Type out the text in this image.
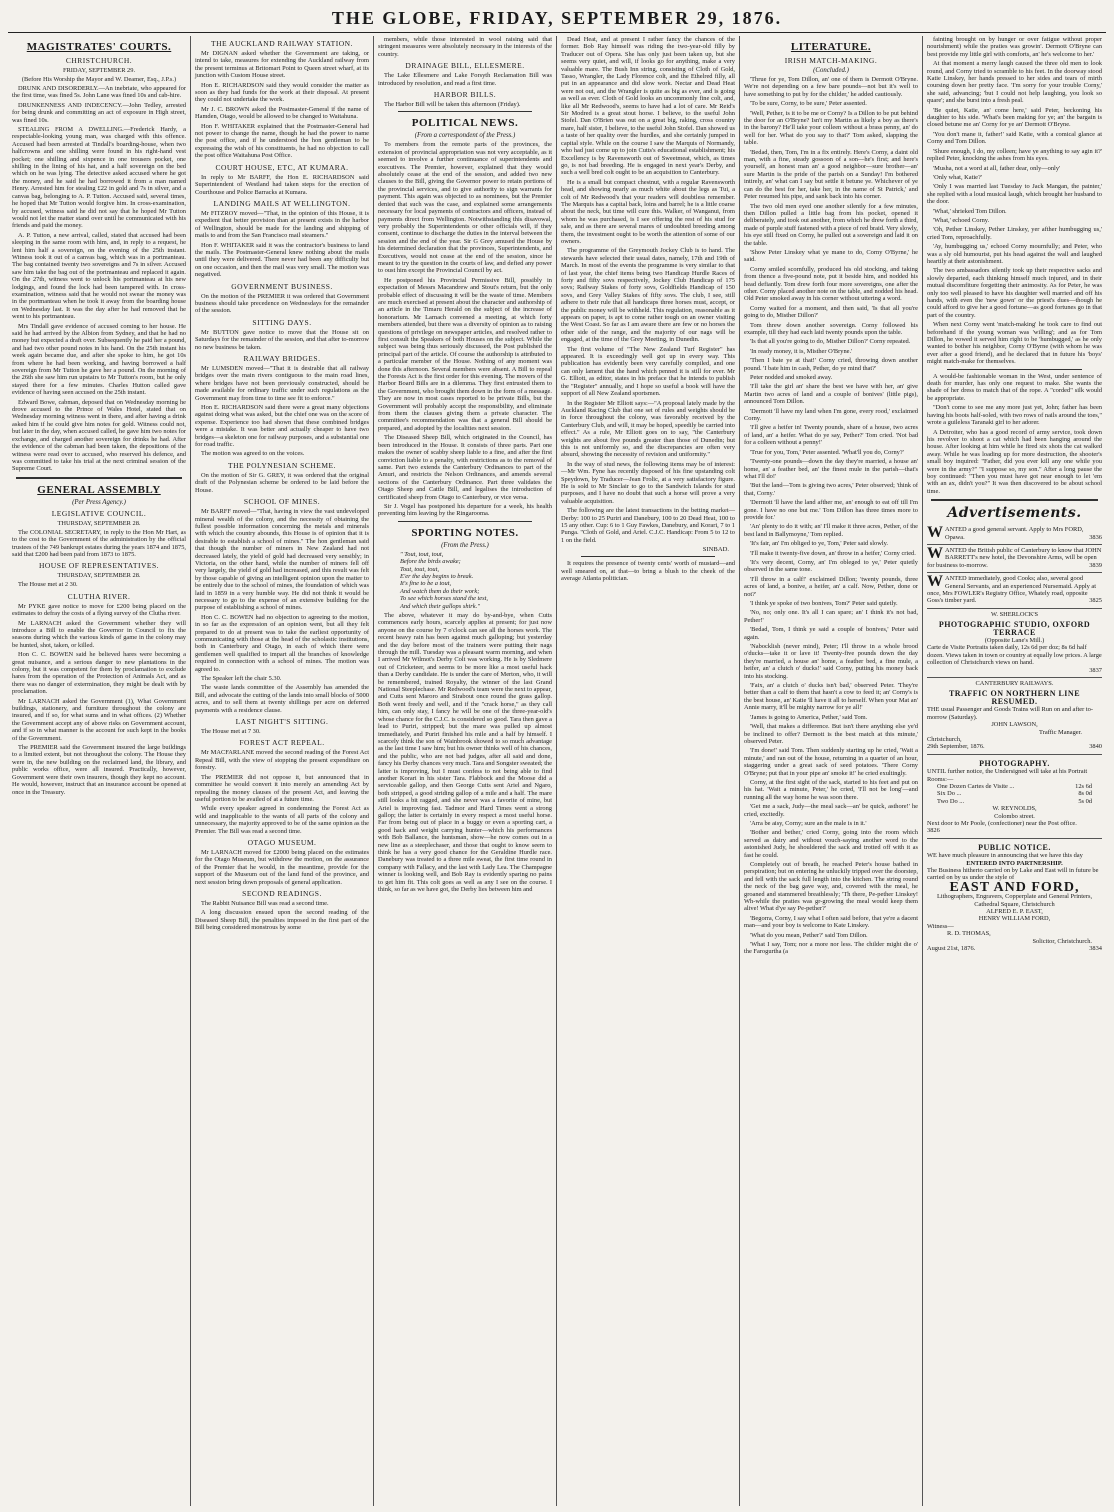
THE GLOBE, FRIDAY, SEPTEMBER 29, 1876.
MAGISTRATES' COURTS.
CHRISTCHURCH.
FRIDAY, SEPTEMBER 29.
(Before His Worship the Mayor and W. Deamer, Esq., J.P.s.)

DRUNK AND DISORDERLY.—An inebriate, who appeared for the first time, was fined 5s. John Lane was fined 10s and cab-hire.

DRUNKENNESS AND INDECENCY.—John Tedley, arrested for being drunk and committing an act of exposure in High street, was fined 10s.

STEALING FROM A DWELLING.—Frederick Hardy, a respectable-looking young man, was charged with this offence. Accused had been arrested at Tindall's boarding-house, when two halfcrowns and one shilling were found in his right-hand vest pocket; one shilling and sixpence in one trousers pocket, one shilling in the lining of his hat, and a half sovereign on the bed which on he was lying. The detective asked accused where he got the money, and he said he had borrowed it from a man named Henry. Arrested him for stealing £22 in gold and 7s in silver, and a canvas bag, belonging to A. P. Tutton. Accused said, several times, he hoped that Mr Tutton would forgive him. In cross-examination, by accused, witness said he did not say that he hoped Mr Tutton would not let the matter stand over until he communicated with his friends and paid the money.

A. P. Tutton, a new arrival, called, stated that accused had been sleeping in the same room with him, and, in reply to a request, he lent him half a sovereign, on the evening of the 25th instant. Witness took it out of a canvas bag, which was in a portmanteau. The bag contained twenty two sovereigns and 7s in silver. Accused saw him take the bag out of the portmanteau and replaced it again. On the 27th, witness went to unlock his portmanteau at his new lodgings, and found the lock had been tampered with. In cross-examination, witness said that he would not swear the money was in the portmanteau when he took it away from the boarding house on Wednesday last. It was the day after he had removed that he went to his portmanteau.

Mrs Tindall gave evidence of accused coming to her house. He said he had arrived by the Albion from Sydney, and that he had no money but expected a draft over. Subsequently he paid her a pound, and had two other pound notes in his hand. On the 25th instant his week again became due, and after she spoke to him, he got 10s from where he had been working, and having borrowed a half sovereign from Mr Tutton he gave her a pound. On the morning of the 26th she saw him run upstairs to Mr Tutton's room, but he only stayed there for a few minutes. Charles Hutton called gave evidence of having seen accused on the 25th instant.

Edward Bowe, cabman, deposed that on Wednesday morning he drove accused to the Prince of Wales Hotel, stated that on Wednesday morning witness went in there, and after having a drink asked him if he could give him notes for gold. Witness could not, but later in the day, when accused called, he gave him two notes for exchange, and charged another sovereign for drinks he had. After the evidence of the cabman had been taken, the depositions of the witness were read over to accused, who reserved his defence, and was committed to take his trial at the next criminal session of the Supreme Court.

GENERAL ASSEMBLY
(Per Press Agency.)
LEGISLATIVE COUNCIL.
THURSDAY, SEPTEMBER 28.

The COLONIAL SECRETARY, in reply to the Hon Mr Hart, as to the cost to the Government of the administration by the official trustees of the 749 bankrupt estates during the years 1874 and 1875, said that £200 had been paid from 1873 to 1875.

HOUSE OF REPRESENTATIVES.
THURSDAY, SEPTEMBER 28.

The House met at 2 30.

CLUTHA RIVER.

Mr PYKE gave notice to move for £200 being placed on the estimates to defray the costs of a flying survey of the Clutha river.

Mr LARNACH asked the Government whether they will introduce a Bill to enable the Governor in Council to fix the seasons during which the various kinds of game in the colony may be hunted, shot, taken, or killed.

Hon C. C. BOWEN said he believed hares were becoming a great nuisance, and a serious danger to new plantations in the colony, but it was competent for them by proclamation to exclude hares from the operation of the Protection of Animals Act, and as there was no danger of extermination, they might be dealt with by proclamation.

Mr LARNACH asked the Government (1), What Government buildings, stationery, and furniture throughout the colony are insured, and if so, for what sums and in what offices. (2) Whether the Government accept any of above risks on Government account, and if so in what manner is the account for such kept in the books of the Government.

The PREMIER said the Government insured the large buildings to a limited extent, but not throughout the colony. The House they were in, the new building on the reclaimed land, the library, and public works office, were all insured. Practically, however, Government were their own insurers, though they kept no account. He would, however, instruct that an insurance account be opened at once in the Treasury.

THE AUCKLAND RAILWAY STATION.

Mr DIGNAN asked whether the Government are taking, or intend to take, measures for extending the Auckland railway from the present terminus at Britomart Point to Queen street wharf, at its junction with Custom House street.

Hon E. RICHARDSON said they would consider the matter as soon as they had funds for the work at their disposal. At present they could not undertake the work.

Mr J. C. BROWN asked the Postmaster-General if the name of Hamden, Otago, would be allowed to be changed to Waitahuna.

Hon F. WHITAKER explained that the Postmaster-General had not power to change the name, though he had the power to name the post office, and if he understood the hon gentleman to be expressing the wish of his constituents, he had no objection to call the post office Waitahuna Post Office.

COURT HOUSE, ETC, AT KUMARA.

In reply to Mr BARFF, the Hon E. RICHARDSON said Superintendent of Westland had taken steps for the erection of Courthouse and Police Barracks at Kumara.

LANDING MAILS AT WELLINGTON.

Mr FITZROY moved—"That, in the opinion of this House, it is expedient that better provision than at present exists in the harbor of Wellington, should be made for the landing and shipping of mails to and from the San Francisco mail steamers."

Hon F. WHITAKER said it was the contractor's business to land the mails. The Postmaster-General knew nothing about the mails until they were delivered. There never had been any difficulty but on one occasion, and then the mail was very small. The motion was negatived.

GOVERNMENT BUSINESS.

On the motion of the PREMIER it was ordered that Government business should take precedence on Wednesdays for the remainder of the session.

SITTING DAYS.

Mr BUTTON gave notice to move that the House sit on Saturdays for the remainder of the session, and that after to-morrow no new business be taken.

RAILWAY BRIDGES.

Mr LUMSDEN moved—"That it is desirable that all railway bridges over the main rivers contiguous to the main road lines, where bridges have not been previously constructed, should be made available for ordinary traffic under such regulations as the Government may from time to time see fit to enforce."

Hon E. RICHARDSON said there were a great many objections against doing what was asked, but the chief one was on the score of expense. Experience too had shown that these combined bridges were a mistake. It was better and actually cheaper to have two bridges—a skeleton one for railway purposes, and a substantial one for road traffic.

The motion was agreed to on the voices.

THE POLYNESIAN SCHEME.

On the motion of Sir G. GREY, it was ordered that the original draft of the Polynesian scheme be ordered to be laid before the House.

SCHOOL OF MINES.

Mr BARFF moved—"That, having in view the vast undeveloped mineral wealth of the colony, and the necessity of obtaining the fullest possible information concerning the metals and minerals with which the country abounds, this House is of opinion that it is desirable to establish a school of mines." The hon gentleman said that though the number of miners in New Zealand had not decreased lately, the yield of gold had decreased very sensibly; in Victoria, on the other hand, while the number of miners fell off very largely, the yield of gold had increased, and this result was felt by those capable of giving an intelligent opinion upon the matter to be entirely due to the school of mines, the foundation of which was laid in 1859 in a very humble way. He did not think it would be necessary to go to the expense of an extensive building for the purpose of establishing a school of mines.

Hon C. C. BOWEN had no objection to agreeing to the motion, in so far as the expression of an opinion went, but all they felt prepared to do at present was to take the earliest opportunity of communicating with those at the head of the scholastic institutions, both in Canterbury and Otago, in each of which there were gentlemen well qualified to impart all the branches of knowledge required in connection with a school of mines. The motion was agreed to.

The Speaker left the chair 5.30.

The waste lands committee of the Assembly has amended the Bill, and advocate the cutting of the lands into small blocks of 5000 acres, and to sell them at twenty shillings per acre on deferred payments with a residence clause.

LAST NIGHT'S SITTING.

The House met at 7 30.

FOREST ACT REPEAL.

Mr MACFARLANE moved the second reading of the Forest Act Repeal Bill, with the view of stopping the present expenditure on forestry.

The PREMIER did not oppose it, but announced that in committee he would convert it into merely an amending Act by repealing the money clauses of the present Act, and leaving the useful portion to be availed of at a future time.

While every speaker agreed in condemning the Forest Act as wild and inapplicable to the wants of all parts of the colony and unnecessary, the majority approved to be of the same opinion as the Premier. The Bill was read a second time.

OTAGO MUSEUM.

Mr LARNACH moved for £2000 being placed on the estimates for the Otago Museum, but withdrew the motion, on the assurance of the Premier that he would, in the meantime, provide for the support of the Museum out of the land fund of the province, and next session bring down proposals of general application.

SECOND READINGS.

The Rabbit Nuisance Bill was read a second time.

A long discussion ensued upon the second reading of the Diseased Sheep Bill, the penalties imposed in the first part of the Bill being considered monstrous by some

members, while those interested in wool raising said that stringent measures were absolutely necessary in the interests of the country.

DRAINAGE BILL, ELLESMERE.

The Lake Ellesmere and Lake Forsyth Reclamation Bill was introduced by resolution, and read a first time.

HARBOR BILLS.

The Harbor Bill will be taken this afternoon (Friday).

POLITICAL NEWS.
(From a correspondent of the Press.)

To members from the remote parts of the provinces, the extension of provincial appropriation was not very acceptable, as it seemed to involve a further continuance of superintendents and executives. The Premier, however, explained that they would absolutely cease at the end of the session, and added two new clauses to the Bill, giving the Governor power to retain portions of the provincial services, and to give authority to sign warrants for payment. This again was objected to as nominees, but the Premier denied that such was the case, and explained some arrangements necessary for local payments of contractors and officers, instead of payments direct from Wellington. Notwithstanding this disavowal, very probably the Superintendents or other officials will, if they consent, continue to discharge the duties in the interval between the session and the end of the year. Sir G Grey amused the House by his determined declaration that the provinces, Superintendents, and Executives, would not cease at the end of the session, since he meant to try the question in the courts of law, and defied any power to oust him except the Provincial Council by act.

He postponed his Provincial Permissive Bill, possibly in expectation of Messrs Macandrew and Stout's return, but the only probable effect of discussing it will be the waste of time. Members are much exercised at present about the character and authorship of an article in the Timaru Herald on the subject of the increase of honorarium. Mr Larnach convened a meeting, at which forty members attended, but there was a diversity of opinion as to raising questions of privilege on newspaper articles, and resolved rather to first consult the Speakers of both Houses on the subject. While the subject was being thus seriously discussed, the Post published the principal part of the article. Of course the authorship is attributed to a particular member of the House. Nothing of any moment was done this afternoon. Several members were absent. A Bill to repeal the Forests Act is the first order for this evening. The movers of the Harbor Board Bills are in a dilemma. They first entrusted them to the Government, who brought them down in the form of a message. They are now in most cases reported to be private Bills, but the Government will probably accept the responsibility, and eliminate from them the clauses giving them a private character. The committee's recommendation was that a general Bill should be prepared, and adopted by the localities next session.

The Diseased Sheep Bill, which originated in the Council, has been introduced in the House. It consists of three parts. Part one makes the owner of scabby sheep liable to a fine, and after the first conviction liable to a penalty, with restrictions as to the removal of same. Part two extends the Canterbury Ordinances to part of the Amuri, and restricts the Nelson Ordinances, and amends several sections of the Canterbury Ordinance. Part three validates the Otago Sheep and Cattle Bill, and legalises the introduction of certificated sheep from Otago to Canterbury, or vice versa.

Sir J. Vogel has postponed his departure for a week, his health preventing him leaving by the Ringarooma.

SPORTING NOTES.
(From the Press.)
" Tout, tout, tout,
Before the birds awake;
Tout, tout, tout,
E'er the day begins to break.
It's fine to be a tout,
And watch them do their work;
To see which horses stand the test,
And which their gallops shirk."

The above, whatever it may do by-and-bye, when Cutts commences early hours, scarcely applies at present; for just now anyone on the course by 7 o'clock can see all the horses work. The recent heavy rain has been against much galloping; but yesterday and the day before most of the trainers were putting their nags through the mill. Tuesday was a pleasant warm morning, and when I arrived Mr Wilmot's Derby Colt was working. He is by Sledmere out of Cricketeer, and seems to be more like a most useful hack than a Derby candidate. He is under the care of Merton, who, it will be remembered, trained Royalty, the winner of the last Grand National Steeplechase. Mr Redwood's team were the next to appear, and Cutts sent Maroro and Sirabout once round the grass gallop. Both went freely and well, and if the "crack horse," as they call him, can only stay, I fancy he will be one of the three-year-old's whose chance for the C.J.C. is considered so good. Tara then gave a lead to Puriri, stripped; but the mare was pulled up almost immediately, and Puriri finished his mile and a half by himself. I scarcely think the son of Wainbrook showed to so much advantage as the last time I saw him; but his owner thinks well of his chances, and the public, who are not bad judges, after all said and done, fancy his Derby chances very much. Tara and Songster sweated; the latter is improving, but I must confess to not being able to find another Korari in his sister Tara. Flabbock and the Moose did a serviceable gallop, and then George Cutts sent Ariel and Ngaro, both stripped, a good striding gallop of a mile and a half. The mare still looks a bit ragged, and she never was a favorite of mine, but Ariel is improving fast. Tadmor and Hard Times went a strong gallop; the latter is certainly in every respect a most useful horse. Far from being out of place in a buggy or even a sporting cart, a good hack and weight carrying hunter—which his performances with Bob Ballance, the huntsman, show—he now comes out in a new line as a steeplechaser, and those that ought to know seem to think he has a very good chance for the Geraldine Hurdle race. Danebury was treated to a three mile sweat, the first time round in company with Fallacy, and the last with Lady Lea. The Champagne winner is looking well, and Bob Ray is evidently sparing no pains to get him fit. This colt goes as well as any I see on the course. I think, so far as we have got, the Derby lies between him and

Dead Heat, and at present I rather fancy the chances of the former. Bob Ray himself was riding the two-year-old filly by Traducer out of Opera. She has only just been taken up, but she seems very quiet, and will, if looks go for anything, make a very valuable mare. The Bush Inn string, consisting of Cloth of Gold, Tasso, Wrangler, the Lady Florence colt, and the Ethelred filly, all put in an appearance and did slow work. Nectar and Dead Heat were not out, and the Wrangler is quite as big as ever, and is going as well as ever. Cloth of Gold looks an uncommonly fine colt, and, like all Mr Redwood's, seems to have had a lot of care. Mr Reid's Sir Modred is a great stout horse. I believe, to the useful John Stofel. Dan O'Brien was out on a great big, raking, cross country mare, half sister, I believe, to the useful John Stofel. Dan showed us a taste of her quality over the hurdles, and she certainly jumped in capital style. While on the course I saw the Marquis of Normandy, who had just come up to join Cutts's educational establishment; his Excellency is by Ravensworth out of Sweetmeat, which, as times go, is not bad breeding. He is engaged in next year's Derby, and such a well bred colt ought to be an acquisition to Canterbury.

He is a small but compact chestnut, with a regular Ravensworth head, and showing nearly as much white about the legs as Tui, a colt of Mr Redwood's that your readers will doubtless remember. The Marquis has a capital back, loins and barrel; he is a little coarse about the neck, but time will cure this. Walker, of Wanganui, from whom he was purchased, is I see offering the rest of his stud for sale, and as there are several mares of undoubted breeding among them, the investment ought to be worth the attention of some of our owners.

The programme of the Greymouth Jockey Club is to hand. The stewards have selected their usual dates, namely, 17th and 19th of March. In most of the events the programme is very similar to that of last year, the chief items being two Handicap Hurdle Races of forty and fifty sovs respectively, Jockey Club Handicap of 175 sovs; Railway Stakes of forty sovs, Goldfields Handicap of 150 sovs, and Grey Valley Stakes of fifty sovs. The club, I see, still adhere to their rule that all handicaps three horses must, accept, or the public money will be withheld. This regulation, reasonable as it appears on paper, is apt to come rather tough on an owner visiting the West Coast. So far as I am aware there are few or no horses the other side of the range, and the majority of our nags will be engaged, at the time of the Grey Meeting, in Dunedin.

The first volume of "The New Zealand Turf Register" has appeared. It is exceedingly well got up in every way. This publication has evidently been very carefully compiled, and one can only lament that the hand which penned it is still for ever. Mr G. Elliott, as editor, states in his preface that he intends to publish the "Register" annually, and I hope so useful a book will have the support of all New Zealand sportsmen.

In the Register Mr Elliott says:—"A proposal lately made by the Auckland Racing Club that one set of rules and weights should be in force throughout the colony, was favorably received by the Canterbury Club, and will, it may be hoped, speedily be carried into effect." As a rule, Mr Elliott goes on to say, "the Canterbury weights are about five pounds greater than those of Dunedin; but this is not uniformly so, and the discrepancies are often very absurd, showing the necessity of revision and uniformity."

In the way of stud news, the following items may be of interest:—Mr Wm. Fyne has recently disposed of his fine upstanding colt Speydown, by Traducer—Jean Frolic, at a very satisfactory figure. He is sold to Mr Sinclair to go to the Sandwich Islands for stud purposes, and I have no doubt that such a horse will prove a very valuable acquisition.

The following are the latest transactions in the betting market—Derby: 100 to 25 Puriri and Danebury, 100 to 20 Dead Heat, 100 to 15 any other. Cup: 6 to 1 Guy Fawkes, Danebury, and Korari, 7 to 1 Punga. "Cloth of Gold, and Ariel. C.J.C. Handicap: From 5 to 12 to 1 on the field.

SINBAD.

It requires the presence of twenty cents' worth of mustard—and well smeared on, at that—to bring a blush to the cheek of the average Atlanta politician.

LITERATURE.
IRISH MATCH-MAKING.
(Concluded.)

'Thrue for ye, Tom Dillon, an' one of them is Dermott O'Bryne. We're not depending on a few bare pounds—not but it's well to have something to put by for the childer,' he added cautiously.

'To be sure, Corny, to be sure,' Peter assented.

'Well, Pether, is it to be me or Corny? Is a Dillon to be put behind the door for an O'Bryne? Isn't my Martin as likely a boy as there's in the barony? He'll take your colleen without a brass penny, an' do well for her. What do you say to that?' Tom asked, slapping the table.

'Bedad, then, Tom, I'm in a fix entirely. Here's Corny, a daint old man, with a fine, steady gossoon of a son—he's first; and here's yourself, an honest man an' a good neighbor—sure brother—an' sure Martin is the pride of the parish on a Sunday! I'm bothered intirely, an' what can I say but settle it betune ye. Whichever of ye can do the best for her, take her, in the name of St Patrick,' and Peter resumed his pipe, and sank back into his corner.

The two old men eyed one another silently for a few minutes, then Dillon pulled a little bag from his pocket, opened it deliberately, and took out another, from which he drew forth a third, made of purple stuff fastened with a piece of red braid. Very slowly, his eye still fixed on Corny, he pulled out a sovereign and laid it on the table.

'Show Peter Linskey what ye mane to do, Corny O'Byrne,' he said.

Corny smiled scornfully, produced his old stocking, and taking from thence a five-pound note, put it beside him, and nodded his head defiantly. Tom drew forth four more sovereigns, one after the other. Corny placed another note on the table, and nodded his head. Old Peter smoked away in his corner without uttering a word.

Corny waited for a moment, and then said, 'Is that all you're going to do, Misther Dillon?'

Tom threw down another sovereign. Corny followed his example, till they had each laid twenty pounds upon the table.

'Is that all you're going to do, Misther Dillon?' Corny repeated.

'In ready money, it is, Misther O'Bryne.'

'Then I bate ye at that!' Corny cried, throwing down another pound. 'I bate him in cash, Pether, do ye mind that?'

Peter nodded and smoked away.

'I'll take the girl an' share the best we have with her, an' give Martin two acres of land and a couple of bonives' (little pigs), announced Tom Dillon.

'Dermott 'll have my land when I'm gone, every rood,' exclaimed Corny.

'I'll give a heifer in! Twenty pounds, share of a house, two acres of land, an' a heifer. What do ye say, Pether?' Tom cried. 'Not bad for a colleen without a penny!'

'True for you, Tom,' Peter assented. 'What'll you do, Corny?'

'Twenty-one pounds—down the day they're married, a house an' home, an' a feather bed, an' the finest mule in the parish—that's what I'll do!'

'But the land—Tom is giving two acres,' Peter observed; 'think of that, Corny.'

'Dermott 'll have the land afther me, an' enough to eat off till I'm gone. I have no one but me.' Tom Dillon has three times more to provide for.'

'An' plenty to do it with; an' I'll make it three acres, Pether, of the best land in Ballymoyne,' Tom replied.

'It's fair, an' I'm obliged to ye, Tom,' Peter said slowly.

'I'll make it twenty-five down, an' throw in a heifer,' Corny cried.

'It's very decent, Corny, an' I'm obleged to ye,' Peter quietly observed in the same tone.

'I'll throw in a calf!' exclaimed Dillon; 'twenty pounds, three acres of land, a bonive, a heifer, an' a calf. Now, Pether, done or not?'

'I think ye spoke of two bonives, Tom?' Peter said quietly.

'No, no; only one. It's all I can spare; an' I think it's not bad, Pether!'

'Bedad, Tom, I think ye said a couple of bonives,' Peter said again.

'Nabocklish (never mind), Peter; I'll throw in a whole brood o'ducks—take it or lave it! Twenty-five pounds down the day they're married, a house an' home, a feather bed, a fine mule, a heifer, an' a clutch o' ducks!' said Corny, putting his money back into his stocking.

'Faix, an' a clutch o' ducks isn't bad,' observed Peter. 'They're better than a calf to them that hasn't a cow to feed it; an' Corny's is the best house, an' Katie 'll have it all to herself. When your Mat an' Annie marry, it'll be mighty narrow for ye all!'

'James is going to America, Pether,' said Tom.

'Well, that makes a difference. But isn't there anything else ye'd be inclined to offer? Dermott is the best match at this minute,' observed Peter.

'I'm done!' said Tom. Then suddenly starting up he cried, 'Wait a minute,' and ran out of the house, returning in a quarter of an hour, staggering under a great sack of seed potatoes. 'There Corny O'Bryne; put that in your pipe an' smoke it!' he cried exultingly.

Corny, at the first sight of the sack, started to his feet and put on his hat. 'Wait a minute, Peter,' he cried, 'I'll not be long'—and running all the way home he was soon there.

'Get me a sack, Judy—the meal sack—an' be quick, asthore!' he cried, excitedly.

'Arra be aisy, Corny; sure an the male is in it.'

'Bother and bether,' cried Corny, going into the room which served as dairy and without vouch-saying another word to the astonished Judy, he shouldered the sack and trotted off with it as fast he could.

Completely out of breath, he reached Peter's house bathed in perspiration; but on entering he unluckily tripped over the doorstep, and fell with the sack full length into the kitchen. The string round the neck of the bag gave way, and, covered with the meal, he groaned and stammered breathlessly; 'Th there, Pe-pether Linskey! Wh-while the praties was gr-growing the meal would keep them alive! What d'ye say Pe-pether?'

'Begorra, Corny, I say what I often said before, that ye're a dacent man—and your boy is welcome to Kate Linskey.

'What do you mean, Pether?' said Tom Dillon.

'What I say, Tom; nor a more nor less. The childer might die o' the Farogurtha (a

fainting brought on by hunger or over fatigue without proper nourishment) while the praties was growin'. Dermott O'Bryne can best provide my little girl with comforts, an' he's welcome to her.'

At that moment a merry laugh caused the three old men to look round, and Corny tried to scramble to his feet. In the doorway stood Katie Linskey, her hands pressed to her sides and tears of mirth coursing down her pretty face. 'I'm sorry for your trouble Corny,' she said, advancing; 'but I could not help laughing, you look so quare'; and she burst into a fresh peal.

'Be quiet, Katie, an' come here,' said Peter, beckoning his daughter to his side. 'What's been making for ye; an' the bargain is closed betune me an' Corny for ye an' Dermott O'Bryne.

'You don't mane it, father!' said Katie, with a comical glance at Corny and Tom Dillon.

'Shure enough, I do, my colleen; have ye anything to say agin it?' replied Peter, knocking the ashes from his eyes.

'Musha, not a word at all, father dear, only—only'

'Only what, Katie?'

'Only I was married last Tuesday to Jack Mangan, the painter,' she replied with a loud musical laugh, which brought her husband to the door.

'What,' shrieked Tom Dillon.

'What,' echoed Corny.

'Oh, Pether Linskey, Pether Linskey, yer afther humbugging us,' cried Tom, reproachfully.

'Ay, humbugging us,' echoed Corny mournfully; and Peter, who was a sly old humourist, put his head against the wall and laughed heartily at their astonishment.

The two ambassadors silently took up their respective sacks and slowly departed, each thinking himself much injured, and in their mutual discomfiture forgetting their animosity. As for Peter, he was only too well pleased to have his daughter well married and off his hands, with even the 'new gown' or the priest's dues—though he could afford to give her a good fortune—as good fortunes go in that part of the country.

When next Corny went 'match-making' he took care to find out beforehand if the young woman was 'willing'; and as for Tom Dillon, he vowed it served him right to be 'humbugged,' as he only wanted to bother his neighbor, Corny O'Byrne (with whom he was ever after a good friend), and he declared that in future his 'boys' might match-make for themselves.

A would-be fashionable woman in the West, under sentence of death for murder, has only one request to make. She wants the shade of her dress to match that of the rope. A "corded" silk would be appropriate.

"Don't come to see me any more just yet, John; father has been having his boots half-soled, with two rows of nails around the toes," wrote a guileless Taranaki girl to her adorer.

A Detroiter, who has a good record of army service, took down his revolver to shoot a cat which had been hanging around the house. After looking at him while he fired six shots the cat walked away. While he was loading up for more destruction, the shooter's small boy inquired: "Father, did you ever kill any one while you were in the army?" "I suppose so, my son." After a long pause the boy continued: "Then you must have got near enough to let 'em with an ax, didn't you?" It was then discovered to be about school time.

Advertisements.
WANTED a good general servant. Apply to Mrs FORD, Opawa.	3836
WANTED the British public of Canterbury to know that JOHN BARRETT's new hotel, the Devonshire Arms, will be open for business to-morrow.	3839
WANTED immediately, good Cooks; also, several good General Servants, and an experienced Nursemaid. Apply at once, Mrs FOWLER's Registry Office, Whately road, opposite Goss's timber yard.	3825
W. SHERLOCK'S
PHOTOGRAPHIC STUDIO, OXFORD TERRACE
(Opposite Lane's Mill.)
Carte de Visite Portraits taken daily, 12s 6d per doz; 8s 6d half dozen. Views taken in town or country at equally low prices. A large collection of Christchurch views on hand.
3837
CANTERBURY RAILWAYS.
TRAFFIC ON NORTHERN LINE RESUMED.
THE usual Passenger and Goods Trains will Run on and after to-morrow (Saturday).
JOHN LAWSON,
Traffic Manager.
Christchurch,
29th September, 1876.	3840
PHOTOGRAPHY.
UNTIL further notice, the Undersigned will take at his Portrait Rooms:—
One Dozen Cartes de Visite ...	12s 6d
Six Do ...	8s 0d
Two Do ...	5s 0d
W. REYNOLDS,
Colombo street.
Next door to Mr Poole, (confectioner) near the Post office.
3826
PUBLIC NOTICE.
WE have much pleasure in announcing that we have this day
ENTERED INTO PARTNERSHIP.
The Business hitherto carried on by Lake and East will in future be carried on by us under the style of
EAST AND FORD,
Lithographers, Engravers, Copperplate and General Printers,
Cathedral Square, Christchurch
ALFRED E. P. EAST,
HENRY WILLIAM FORD,
Witness—
R. D. THOMAS,
Solicitor, Christchurch.
August 21st, 1876.	3834
